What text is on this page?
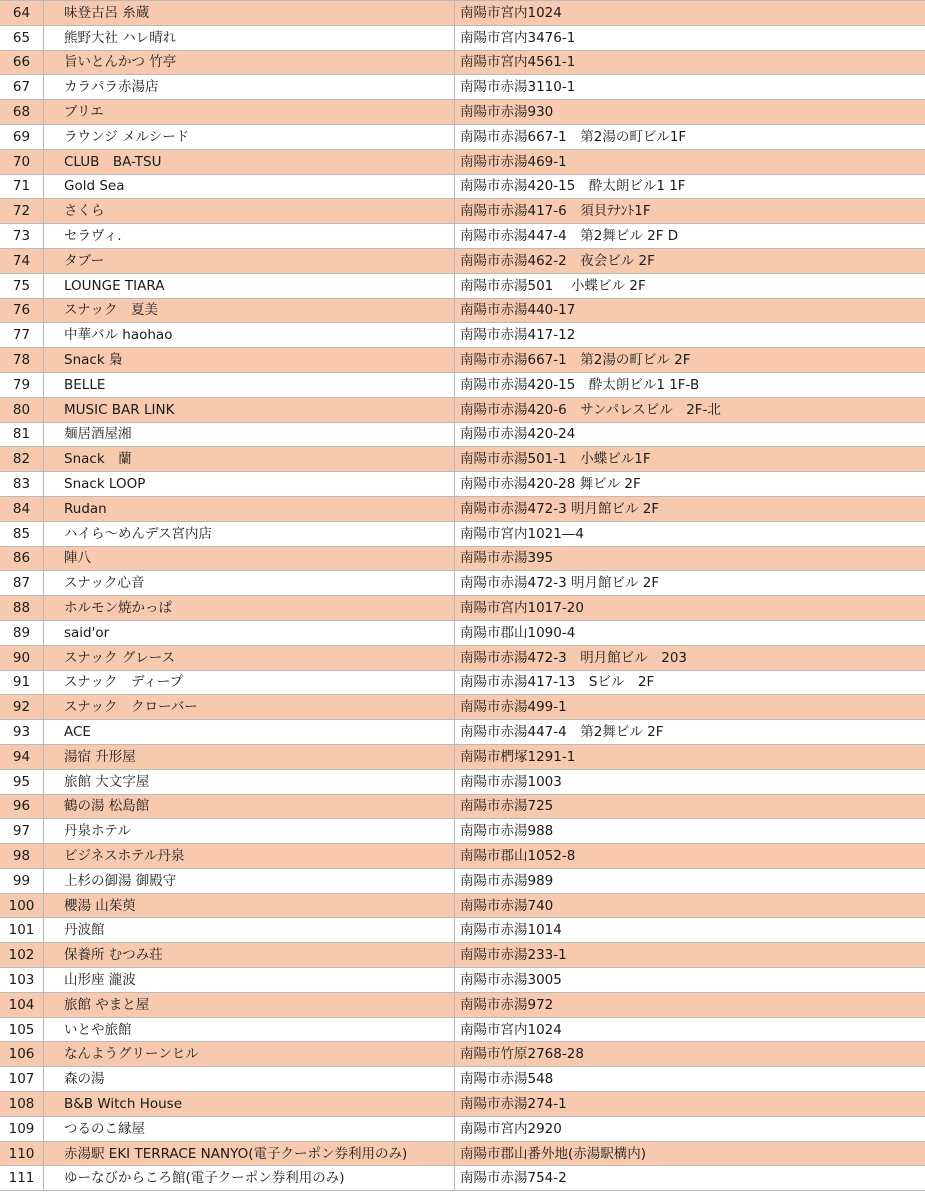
64	味登古呂 糸蔵	南陽市宮内1024
65	熊野大社 ハレ晴れ	南陽市宮内3476-1
66	旨いとんかつ 竹亭	南陽市宮内4561-1
67	カラパラ赤湯店	南陽市赤湯3110-1
68	ブリエ	南陽市赤湯930
69	ラウンジ メルシード	南陽市赤湯667-1　第2湯の町ビル1F
70	CLUB　BA-TSU	南陽市赤湯469-1
71	Gold Sea	南陽市赤湯420-15　酔太朗ビル1 1F
72	さくら	南陽市赤湯417-6　須貝ﾃﾅﾝﾄ1F
73	セラヴィ.	南陽市赤湯447-4　第2舞ビル 2F D
74	タブー	南陽市赤湯462-2　夜会ビル 2F
75	LOUNGE TIARA	南陽市赤湯501　 小蝶ビル 2F
76	スナック　夏美	南陽市赤湯440-17
77	中華バル haohao	南陽市赤湯417-12
78	Snack 梟	南陽市赤湯667-1　第2湯の町ビル 2F
79	BELLE	南陽市赤湯420-15　酔太朗ビル1 1F-B
80	MUSIC BAR LINK	南陽市赤湯420-6　サンパレスビル　2F-北
81	麺居酒屋湘	南陽市赤湯420-24
82	Snack　蘭	南陽市赤湯501-1　小蝶ビル1F
83	Snack LOOP	南陽市赤湯420-28 舞ビル 2F
84	Rudan	南陽市赤湯472-3 明月館ビル 2F
85	ハイら～めんデス宮内店	南陽市宮内1021―4
86	陣八	南陽市赤湯395
87	スナック心音	南陽市赤湯472-3 明月館ビル 2F
88	ホルモン焼かっぱ	南陽市宮内1017-20
89	said'or	南陽市郡山1090-4
90	スナック グレース	南陽市赤湯472-3　明月館ビル　203
91	スナック　ディープ	南陽市赤湯417-13　Sビル　2F
92	スナック　クローバー	南陽市赤湯499-1
93	ACE	南陽市赤湯447-4　第2舞ビル 2F
94	湯宿 升形屋	南陽市椚塚1291-1
95	旅館 大文字屋	南陽市赤湯1003
96	鶴の湯 松島館	南陽市赤湯725
97	丹泉ホテル	南陽市赤湯988
98	ビジネスホテル丹泉	南陽市郡山1052-8
99	上杉の御湯 御殿守	南陽市赤湯989
100	櫻湯 山茱萸	南陽市赤湯740
101	丹波館	南陽市赤湯1014
102	保養所 むつみ荘	南陽市赤湯233-1
103	山形座 瀧波	南陽市赤湯3005
104	旅館 やまと屋	南陽市赤湯972
105	いとや旅館	南陽市宮内1024
106	なんようグリーンヒル	南陽市竹原2768-28
107	森の湯	南陽市赤湯548
108	B&B Witch House	南陽市赤湯274-1
109	つるのこ縁屋	南陽市宮内2920
110	赤湯駅 EKI TERRACE NANYO(電子クーポン券利用のみ)	南陽市郡山番外地(赤湯駅構内)
111	ゆーなびからころ館(電子クーポン券利用のみ)	南陽市赤湯754-2
